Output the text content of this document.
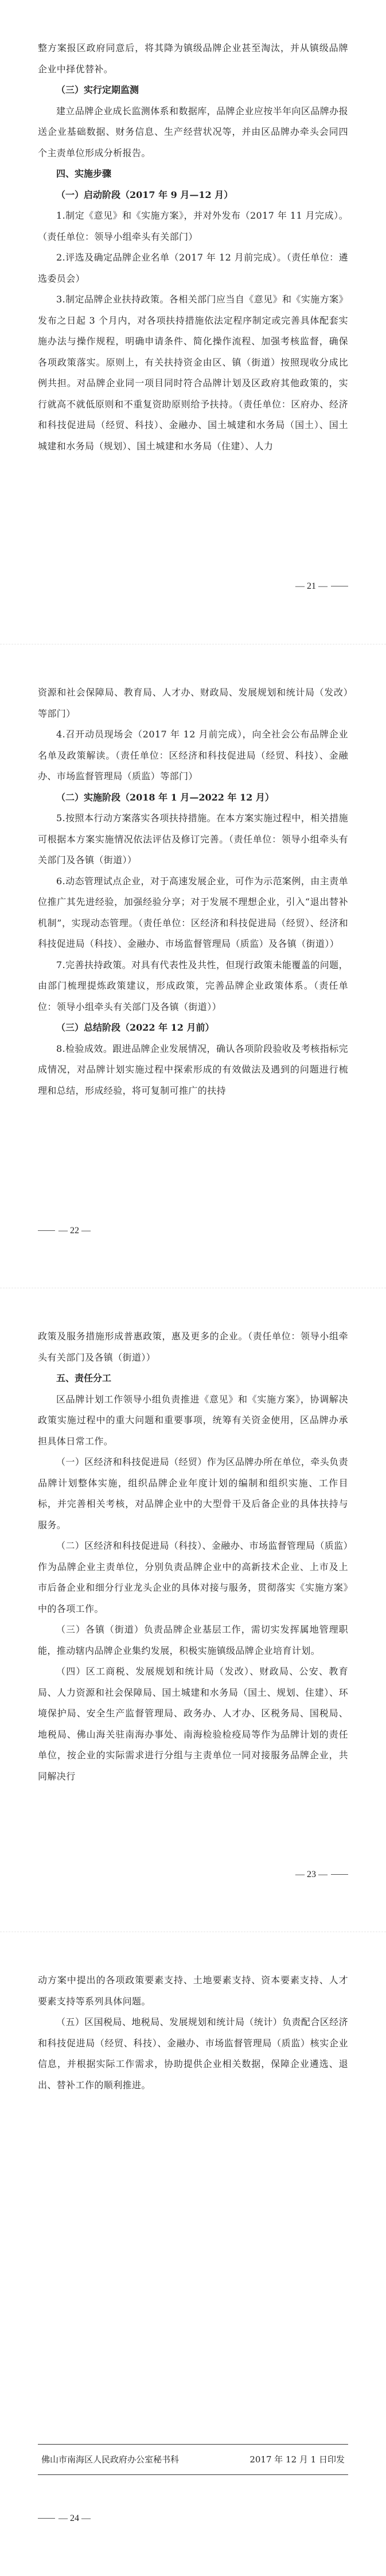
整方案报区政府同意后，将其降为镇级品牌企业甚至淘汰，并从镇级品牌企业中择优替补。

（三）实行定期监测

建立品牌企业成长监测体系和数据库，品牌企业应按半年向区品牌办报送企业基础数据、财务信息、生产经营状况等，并由区品牌办牵头会同四个主责单位形成分析报告。

四、实施步骤

（一）启动阶段（2017 年 9 月—12 月）

1.制定《意见》和《实施方案》，并对外发布（2017 年 11 月完成）。（责任单位：领导小组牵头有关部门）

2.评选及确定品牌企业名单（2017 年 12 月前完成）。（责任单位：遴选委员会）

3.制定品牌企业扶持政策。各相关部门应当自《意见》和《实施方案》发布之日起 3 个月内，对各项扶持措施依法定程序制定或完善具体配套实施办法与操作规程，明确申请条件、简化操作流程、加强考核监督，确保各项政策落实。原则上，有关扶持资金由区、镇（街道）按照现收分成比例共担。对品牌企业同一项目同时符合品牌计划及区政府其他政策的，实行就高不就低原则和不重复资助原则给予扶持。（责任单位：区府办、经济和科技促进局（经贸、科技）、金融办、国土城建和水务局（国土）、国土城建和水务局（规划）、国土城建和水务局（住建）、人力

— 21 —

资源和社会保障局、教育局、人才办、财政局、发展规划和统计局（发改）等部门）

4.召开动员现场会（2017 年 12 月前完成），向全社会公布品牌企业名单及政策解读。（责任单位：区经济和科技促进局（经贸、科技）、金融办、市场监督管理局（质监）等部门）

（二）实施阶段（2018 年 1 月—2022 年 12 月）

5.按照本行动方案落实各项扶持措施。在本方案实施过程中，相关措施可根据本方案实施情况依法评估及修订完善。（责任单位：领导小组牵头有关部门及各镇（街道））

6.动态管理试点企业，对于高速发展企业，可作为示范案例，由主责单位推广其先进经验，加强经验分享；对于发展不理想企业，引入“退出替补机制”，实现动态管理。（责任单位：区经济和科技促进局（经贸）、经济和科技促进局（科技）、金融办、市场监督管理局（质监）及各镇（街道））

7.完善扶持政策。对具有代表性及共性，但现行政策未能覆盖的问题，由部门梳理提炼政策建议，形成政策，完善品牌企业政策体系。（责任单位：领导小组牵头有关部门及各镇（街道））

（三）总结阶段（2022 年 12 月前）

8.检验成效。跟进品牌企业发展情况，确认各项阶段验收及考核指标完成情况，对品牌计划实施过程中探索形成的有效做法及遇到的问题进行梳理和总结，形成经验，将可复制可推广的扶持

— 22 —

政策及服务措施形成普惠政策，惠及更多的企业。（责任单位：领导小组牵头有关部门及各镇（街道））

五、责任分工

区品牌计划工作领导小组负责推进《意见》和《实施方案》，协调解决政策实施过程中的重大问题和重要事项，统筹有关资金使用，区品牌办承担具体日常工作。

（一）区经济和科技促进局（经贸）作为区品牌办所在单位，牵头负责品牌计划整体实施，组织品牌企业年度计划的编制和组织实施、工作目标，并完善相关考核，对品牌企业中的大型骨干及后备企业的具体扶持与服务。

（二）区经济和科技促进局（科技）、金融办、市场监督管理局（质监）作为品牌企业主责单位，分别负责品牌企业中的高新技术企业、上市及上市后备企业和细分行业龙头企业的具体对接与服务，贯彻落实《实施方案》中的各项工作。

（三）各镇（街道）负责品牌企业基层工作，需切实发挥属地管理职能，推动辖内品牌企业集约发展，积极实施镇级品牌企业培育计划。

（四）区工商税、发展规划和统计局（发改）、财政局、公安、教育局、人力资源和社会保障局、国土城建和水务局（国土、规划、住建）、环境保护局、安全生产监督管理局、政务办、人才办、区税务局、国税局、地税局、佛山海关驻南海办事处、南海检验检疫局等作为品牌计划的责任单位，按企业的实际需求进行分组与主责单位一同对接服务品牌企业，共同解决行

— 23 —

动方案中提出的各项政策要素支持、土地要素支持、资本要素支持、人才要素支持等系列具体问题。

（五）区国税局、地税局、发展规划和统计局（统计）负责配合区经济和科技促进局（经贸、科技）、金融办、市场监督管理局（质监）核实企业信息，并根据实际工作需求，协助提供企业相关数据，保障企业遴选、退出、替补工作的顺利推进。

佛山市南海区人民政府办公室秘书科	2017 年 12 月 1 日印发
— 24 —
